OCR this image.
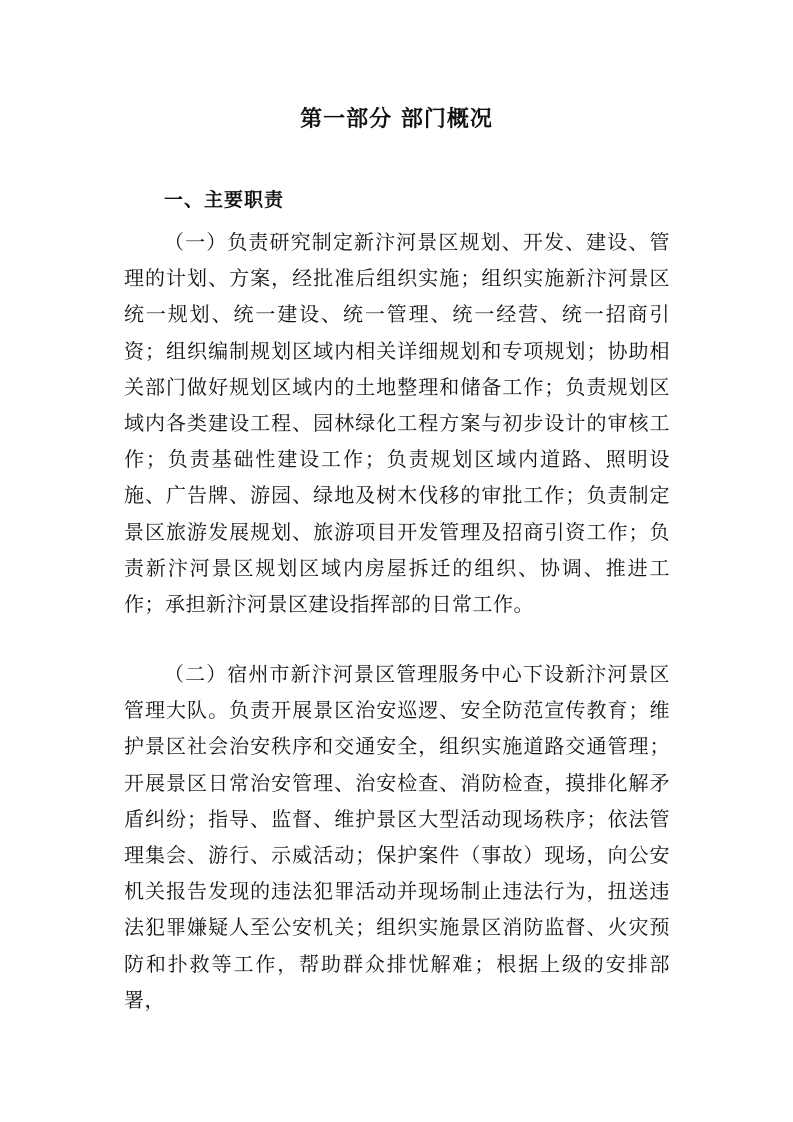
第一部分 部门概况
一、主要职责

（一）负责研究制定新汴河景区规划、开发、建设、管理的计划、方案，经批准后组织实施；组织实施新汴河景区统一规划、统一建设、统一管理、统一经营、统一招商引资；组织编制规划区域内相关详细规划和专项规划；协助相关部门做好规划区域内的土地整理和储备工作；负责规划区域内各类建设工程、园林绿化工程方案与初步设计的审核工作；负责基础性建设工作；负责规划区域内道路、照明设施、广告牌、游园、绿地及树木伐移的审批工作；负责制定景区旅游发展规划、旅游项目开发管理及招商引资工作；负责新汴河景区规划区域内房屋拆迁的组织、协调、推进工作；承担新汴河景区建设指挥部的日常工作。

（二）宿州市新汴河景区管理服务中心下设新汴河景区管理大队。负责开展景区治安巡逻、安全防范宣传教育；维护景区社会治安秩序和交通安全，组织实施道路交通管理；开展景区日常治安管理、治安检查、消防检查，摸排化解矛盾纠纷；指导、监督、维护景区大型活动现场秩序；依法管理集会、游行、示威活动；保护案件（事故）现场，向公安机关报告发现的违法犯罪活动并现场制止违法行为，扭送违法犯罪嫌疑人至公安机关；组织实施景区消防监督、火灾预防和扑救等工作，帮助群众排忧解难；根据上级的安排部署，
